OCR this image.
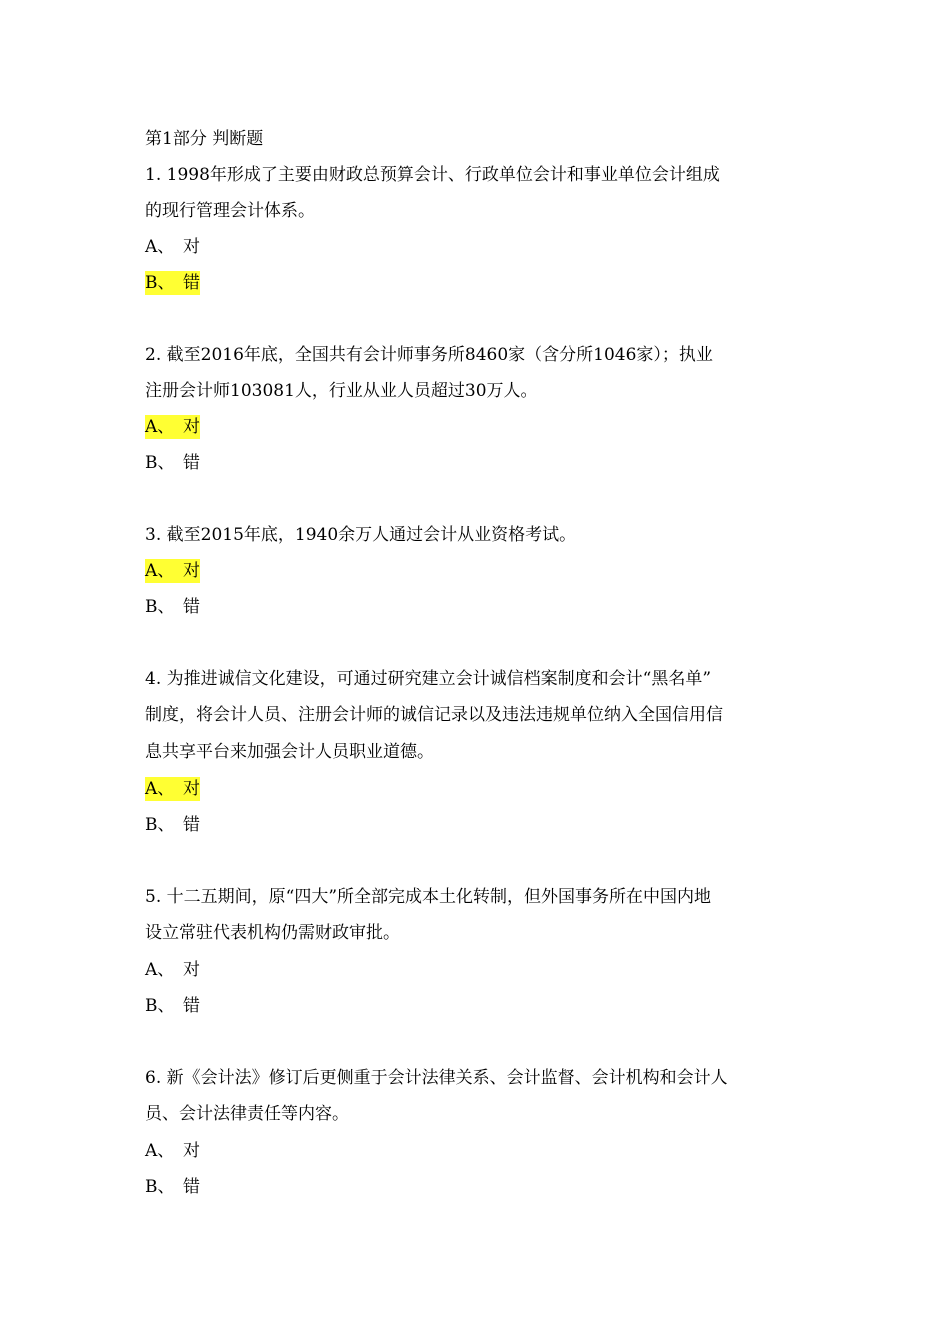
第1部分 判断题
1. 1998年形成了主要由财政总预算会计、行政单位会计和事业单位会计组成
的现行管理会计体系。
A、 对
B、 错
2. 截至2016年底，全国共有会计师事务所8460家（含分所1046家）；执业
注册会计师103081人，行业从业人员超过30万人。
A、 对
B、 错
3. 截至2015年底，1940余万人通过会计从业资格考试。
A、 对
B、 错
4. 为推进诚信文化建设，可通过研究建立会计诚信档案制度和会计“黑名单”
制度，将会计人员、注册会计师的诚信记录以及违法违规单位纳入全国信用信
息共享平台来加强会计人员职业道德。
A、 对
B、 错
5. 十二五期间，原“四大”所全部完成本土化转制，但外国事务所在中国内地
设立常驻代表机构仍需财政审批。
A、 对
B、 错
6. 新《会计法》修订后更侧重于会计法律关系、会计监督、会计机构和会计人
员、会计法律责任等内容。
A、 对
B、 错
